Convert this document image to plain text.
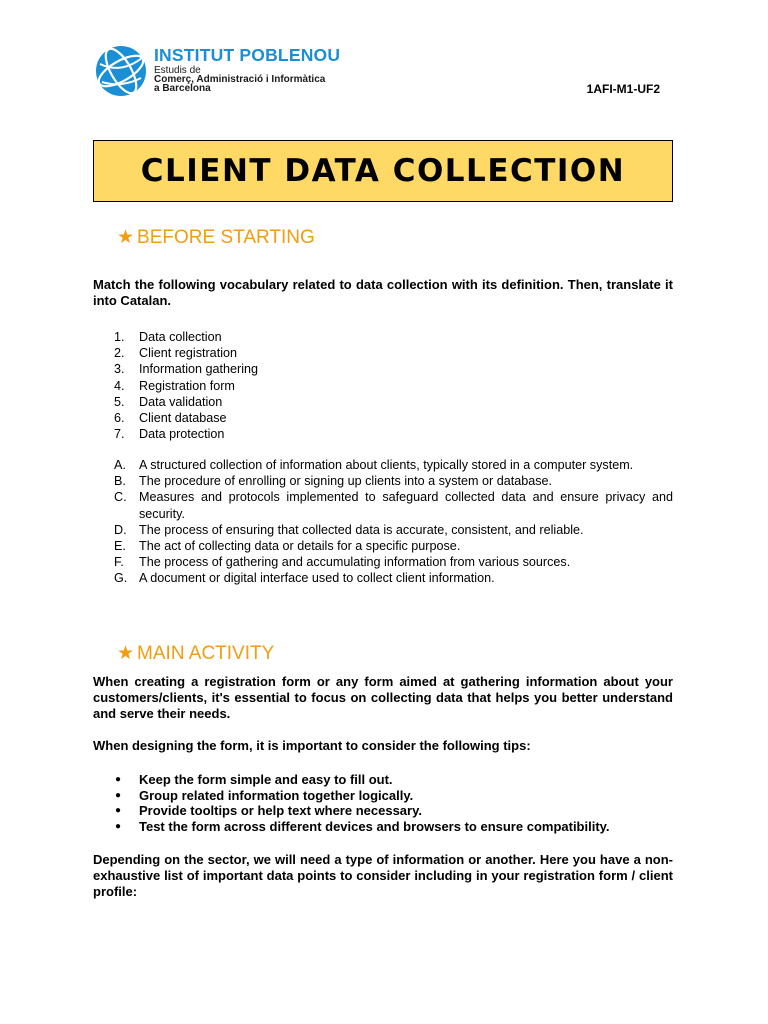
INSTITUT POBLENOU
Estudis de
Comerç, Administració i Informàtica
a Barcelona	1AFI-M1-UF2
CLIENT DATA COLLECTION
★ BEFORE STARTING
Match the following vocabulary related to data collection with its definition. Then, translate it into Catalan.
1. Data collection
2. Client registration
3. Information gathering
4. Registration form
5. Data validation
6. Client database
7. Data protection
A. A structured collection of information about clients, typically stored in a computer system.
B. The procedure of enrolling or signing up clients into a system or database.
C. Measures and protocols implemented to safeguard collected data and ensure privacy and security.
D. The process of ensuring that collected data is accurate, consistent, and reliable.
E. The act of collecting data or details for a specific purpose.
F. The process of gathering and accumulating information from various sources.
G. A document or digital interface used to collect client information.
★ MAIN ACTIVITY
When creating a registration form or any form aimed at gathering information about your customers/clients, it's essential to focus on collecting data that helps you better understand and serve their needs.
When designing the form, it is important to consider the following tips:
● Keep the form simple and easy to fill out.
● Group related information together logically.
● Provide tooltips or help text where necessary.
● Test the form across different devices and browsers to ensure compatibility.
Depending on the sector, we will need a type of information or another. Here you have a non-exhaustive list of important data points to consider including in your registration form / client profile:
